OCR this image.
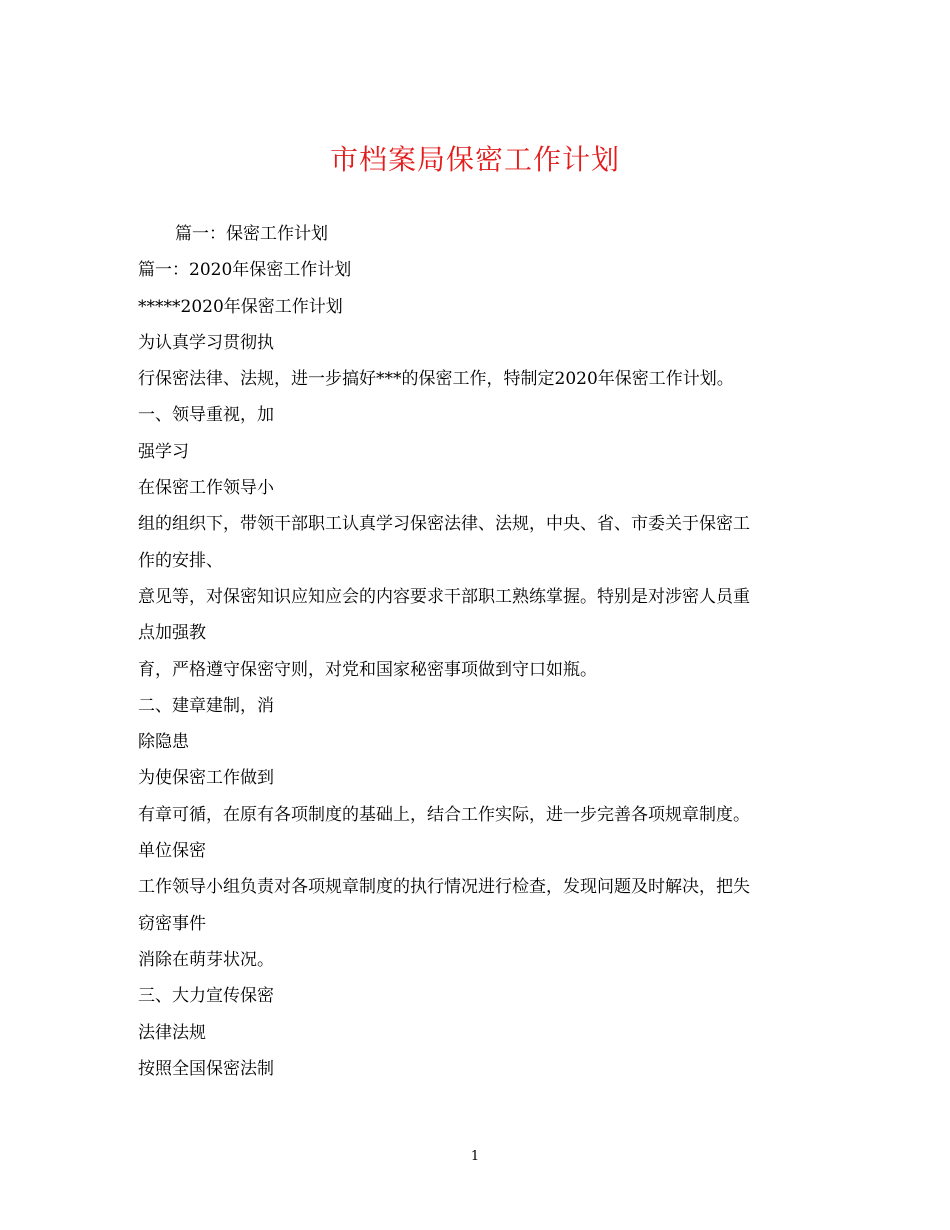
市档案局保密工作计划
篇一：保密工作计划
篇一：2020年保密工作计划
*****2020年保密工作计划
为认真学习贯彻执
行保密法律、法规，进一步搞好***的保密工作，特制定2020年保密工作计划。
一、领导重视，加
强学习
在保密工作领导小
组的组织下，带领干部职工认真学习保密法律、法规，中央、省、市委关于保密工
作的安排、
意见等，对保密知识应知应会的内容要求干部职工熟练掌握。特别是对涉密人员重
点加强教
育，严格遵守保密守则，对党和国家秘密事项做到守口如瓶。
二、建章建制，消
除隐患
为使保密工作做到
有章可循，在原有各项制度的基础上，结合工作实际，进一步完善各项规章制度。
单位保密
工作领导小组负责对各项规章制度的执行情况进行检查，发现问题及时解决，把失
窃密事件
消除在萌芽状况。
三、大力宣传保密
法律法规
按照全国保密法制
1
